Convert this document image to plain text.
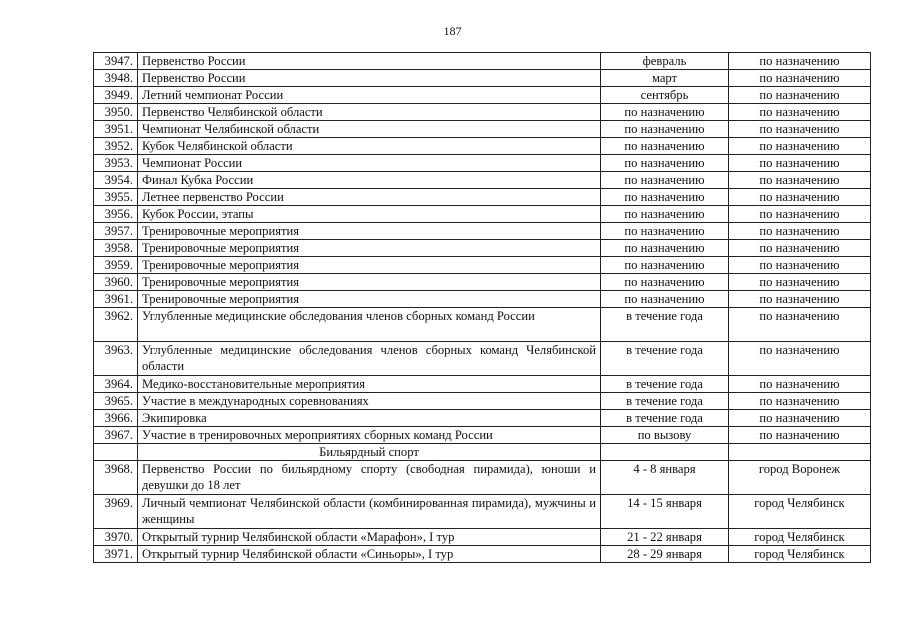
187
3947.	Первенство России	февраль	по назначению
3948.	Первенство России	март	по назначению
3949.	Летний чемпионат России	сентябрь	по назначению
3950.	Первенство Челябинской области	по назначению	по назначению
3951.	Чемпионат Челябинской области	по назначению	по назначению
3952.	Кубок Челябинской области	по назначению	по назначению
3953.	Чемпионат России	по назначению	по назначению
3954.	Финал Кубка России	по назначению	по назначению
3955.	Летнее первенство России	по назначению	по назначению
3956.	Кубок России, этапы	по назначению	по назначению
3957.	Тренировочные мероприятия	по назначению	по назначению
3958.	Тренировочные мероприятия	по назначению	по назначению
3959.	Тренировочные мероприятия	по назначению	по назначению
3960.	Тренировочные мероприятия	по назначению	по назначению
3961.	Тренировочные мероприятия	по назначению	по назначению
3962.	Углубленные медицинские обследования членов сборных команд России	в течение года	по назначению
3963.	Углубленные медицинские обследования членов сборных команд Челябинской области	в течение года	по назначению
3964.	Медико-восстановительные мероприятия	в течение года	по назначению
3965.	Участие в международных соревнованиях	в течение года	по назначению
3966.	Экипировка	в течение года	по назначению
3967.	Участие в тренировочных мероприятиях сборных команд России	по вызову	по назначению
	Бильярдный спорт		
3968.	Первенство России по бильярдному спорту (свободная пирамида), юноши и девушки до 18 лет	4 - 8 января	город Воронеж
3969.	Личный чемпионат Челябинской области (комбинированная пирамида), мужчины и женщины	14 - 15 января	город Челябинск
3970.	Открытый турнир Челябинской области «Марафон», I тур	21 - 22 января	город Челябинск
3971.	Открытый турнир Челябинской области «Синьоры», I тур	28 - 29 января	город Челябинск
